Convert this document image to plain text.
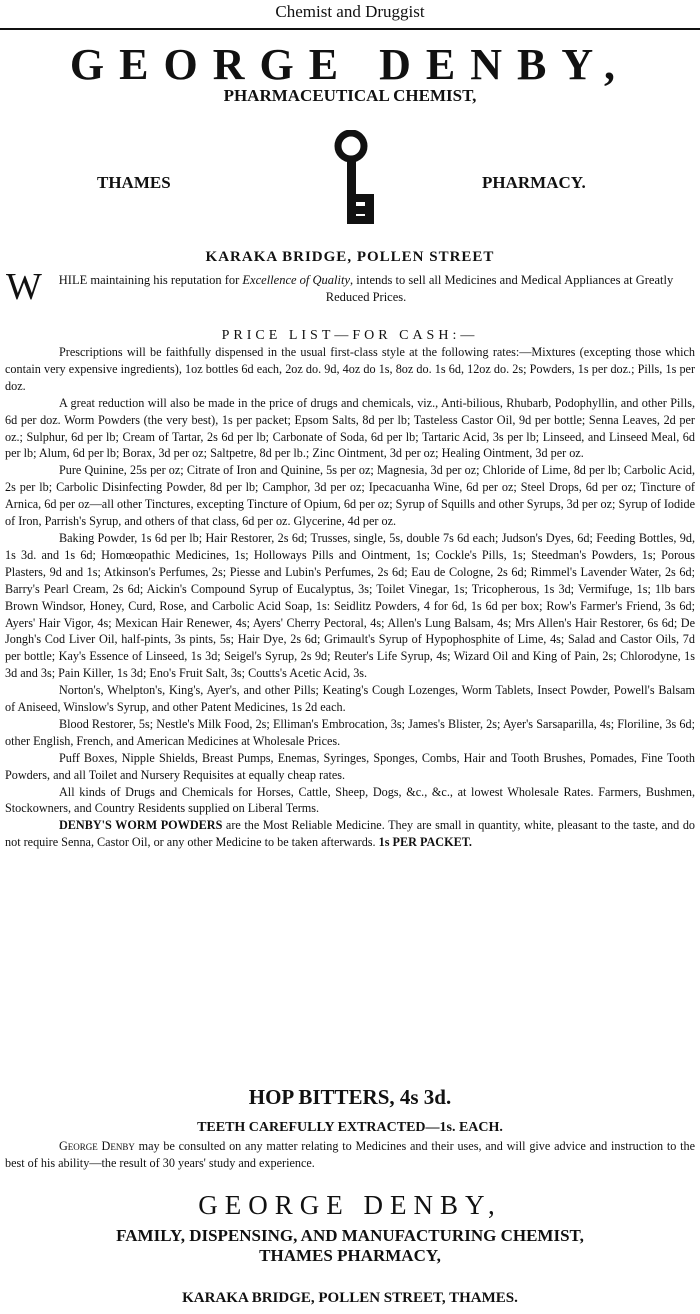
Chemist and Druggist
GEORGE DENBY,
PHARMACEUTICAL CHEMIST,
THAMES	PHARMACY.
KARAKA BRIDGE, POLLEN STREET
W	HILE maintaining his reputation for Excellence of Quality, intends to sell all Medicines and Medical Appliances at Greatly Reduced Prices.
PRICE LIST—FOR CASH:—

Prescriptions will be faithfully dispensed in the usual first-class style at the following rates:—Mixtures (excepting those which contain very expensive ingredients), 1oz bottles 6d each, 2oz do. 9d, 4oz do 1s, 8oz do. 1s 6d, 12oz do. 2s; Powders, 1s per doz.; Pills, 1s per doz.

A great reduction will also be made in the price of drugs and chemicals, viz., Anti-bilious, Rhubarb, Podophyllin, and other Pills, 6d per doz. Worm Powders (the very best), 1s per packet; Epsom Salts, 8d per lb; Tasteless Castor Oil, 9d per bottle; Senna Leaves, 2d per oz.; Sulphur, 6d per lb; Cream of Tartar, 2s 6d per lb; Carbonate of Soda, 6d per lb; Tartaric Acid, 3s per lb; Linseed, and Linseed Meal, 6d per lb; Alum, 6d per lb; Borax, 3d per oz; Saltpetre, 8d per lb.; Zinc Ointment, 3d per oz; Healing Ointment, 3d per oz.

Pure Quinine, 25s per oz; Citrate of Iron and Quinine, 5s per oz; Magnesia, 3d per oz; Chloride of Lime, 8d per lb; Carbolic Acid, 2s per lb; Carbolic Disinfecting Powder, 8d per lb; Camphor, 3d per oz; Ipecacuanha Wine, 6d per oz; Steel Drops, 6d per oz; Tincture of Arnica, 6d per oz—all other Tinctures, excepting Tincture of Opium, 6d per oz; Syrup of Squills and other Syrups, 3d per oz; Syrup of Iodide of Iron, Parrish's Syrup, and others of that class, 6d per oz. Glycerine, 4d per oz.

Baking Powder, 1s 6d per lb; Hair Restorer, 2s 6d; Trusses, single, 5s, double 7s 6d each; Judson's Dyes, 6d; Feeding Bottles, 9d, 1s 3d. and 1s 6d; Homœopathic Medicines, 1s; Holloways Pills and Ointment, 1s; Cockle's Pills, 1s; Steedman's Powders, 1s; Porous Plasters, 9d and 1s; Atkinson's Perfumes, 2s; Piesse and Lubin's Perfumes, 2s 6d; Eau de Cologne, 2s 6d; Rimmel's Lavender Water, 2s 6d; Barry's Pearl Cream, 2s 6d; Aickin's Compound Syrup of Eucalyptus, 3s; Toilet Vinegar, 1s; Tricopherous, 1s 3d; Vermifuge, 1s; 1lb bars Brown Windsor, Honey, Curd, Rose, and Carbolic Acid Soap, 1s: Seidlitz Powders, 4 for 6d, 1s 6d per box; Row's Farmer's Friend, 3s 6d; Ayers' Hair Vigor, 4s; Mexican Hair Renewer, 4s; Ayers' Cherry Pectoral, 4s; Allen's Lung Balsam, 4s; Mrs Allen's Hair Restorer, 6s 6d; De Jongh's Cod Liver Oil, half-pints, 3s pints, 5s; Hair Dye, 2s 6d; Grimault's Syrup of Hypophosphite of Lime, 4s; Salad and Castor Oils, 7d per bottle; Kay's Essence of Linseed, 1s 3d; Seigel's Syrup, 2s 9d; Reuter's Life Syrup, 4s; Wizard Oil and King of Pain, 2s; Chlorodyne, 1s 3d and 3s; Pain Killer, 1s 3d; Eno's Fruit Salt, 3s; Coutts's Acetic Acid, 3s.

Norton's, Whelpton's, King's, Ayer's, and other Pills; Keating's Cough Lozenges, Worm Tablets, Insect Powder, Powell's Balsam of Aniseed, Winslow's Syrup, and other Patent Medicines, 1s 2d each.

Blood Restorer, 5s; Nestle's Milk Food, 2s; Elliman's Embrocation, 3s; James's Blister, 2s; Ayer's Sarsaparilla, 4s; Floriline, 3s 6d; other English, French, and American Medicines at Wholesale Prices.

Puff Boxes, Nipple Shields, Breast Pumps, Enemas, Syringes, Sponges, Combs, Hair and Tooth Brushes, Pomades, Fine Tooth Powders, and all Toilet and Nursery Requisites at equally cheap rates.

All kinds of Drugs and Chemicals for Horses, Cattle, Sheep, Dogs, &c., &c., at lowest Wholesale Rates. Farmers, Bushmen, Stockowners, and Country Residents supplied on Liberal Terms.

DENBY'S WORM POWDERS are the Most Reliable Medicine. They are small in quantity, white, pleasant to the taste, and do not require Senna, Castor Oil, or any other Medicine to be taken afterwards. 1s PER PACKET.

HOP BITTERS, 4s 3d.
TEETH CAREFULLY EXTRACTED—1s. EACH.

George Denby may be consulted on any matter relating to Medicines and their uses, and will give advice and instruction to the best of his ability—the result of 30 years' study and experience.

GEORGE DENBY,
FAMILY, DISPENSING, AND MANUFACTURING CHEMIST,
THAMES PHARMACY,
KARAKA BRIDGE, POLLEN STREET, THAMES.
